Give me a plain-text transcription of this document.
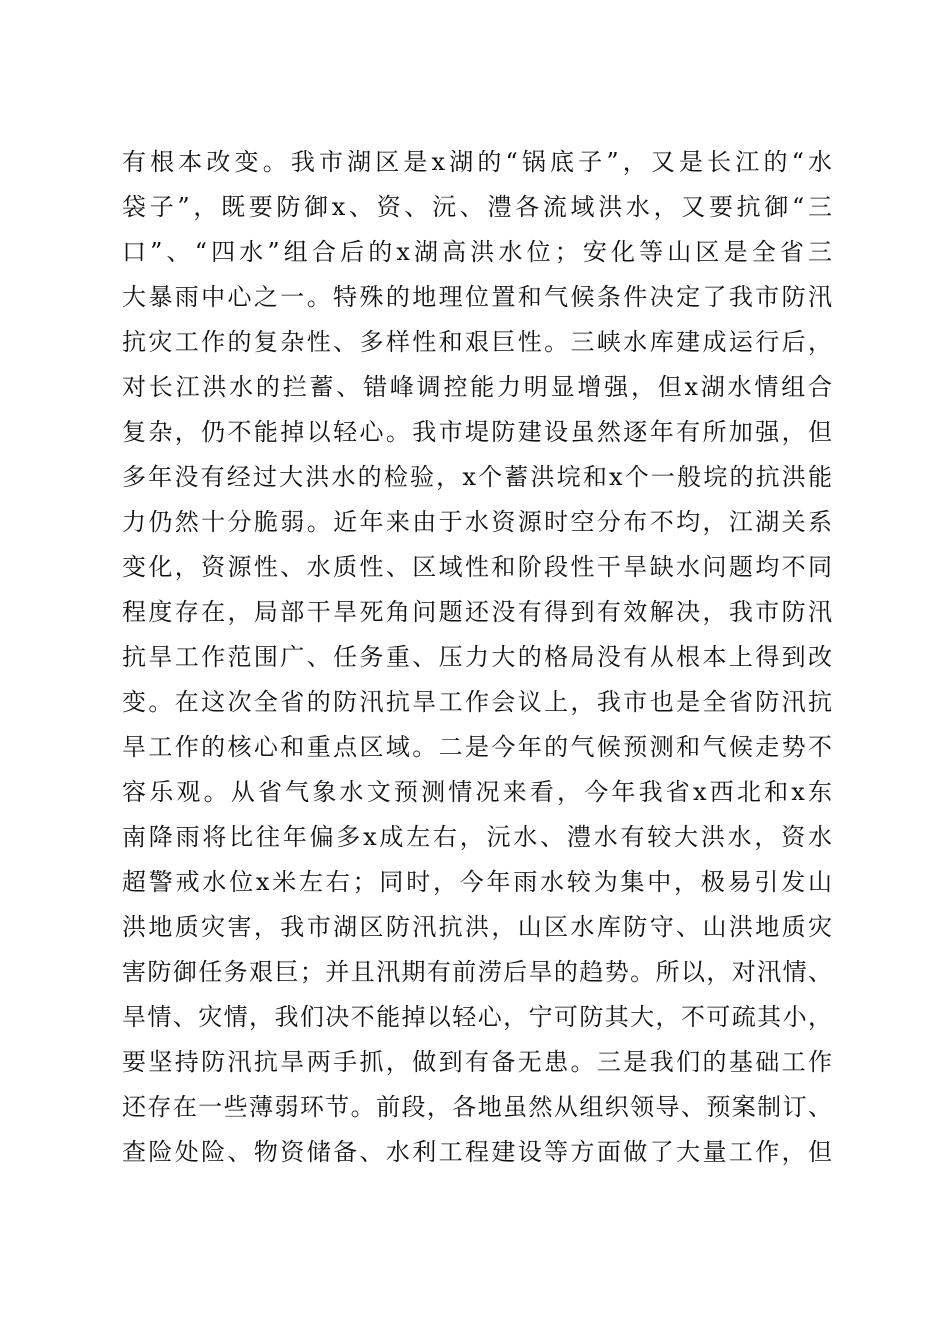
有根本改变。我市湖区是x湖的“锅底子”，又是长江的“水
袋子”，既要防御x、资、沅、澧各流域洪水，又要抗御“三
口”、“四水”组合后的x湖高洪水位；安化等山区是全省三
大暴雨中心之一。特殊的地理位置和气候条件决定了我市防汛
抗灾工作的复杂性、多样性和艰巨性。三峡水库建成运行后，
对长江洪水的拦蓄、错峰调控能力明显增强，但x湖水情组合
复杂，仍不能掉以轻心。我市堤防建设虽然逐年有所加强，但
多年没有经过大洪水的检验，x个蓄洪垸和x个一般垸的抗洪能
力仍然十分脆弱。近年来由于水资源时空分布不均，江湖关系
变化，资源性、水质性、区域性和阶段性干旱缺水问题均不同
程度存在，局部干旱死角问题还没有得到有效解决，我市防汛
抗旱工作范围广、任务重、压力大的格局没有从根本上得到改
变。在这次全省的防汛抗旱工作会议上，我市也是全省防汛抗
旱工作的核心和重点区域。二是今年的气候预测和气候走势不
容乐观。从省气象水文预测情况来看，今年我省x西北和x东
南降雨将比往年偏多x成左右，沅水、澧水有较大洪水，资水
超警戒水位x米左右；同时，今年雨水较为集中，极易引发山
洪地质灾害，我市湖区防汛抗洪，山区水库防守、山洪地质灾
害防御任务艰巨；并且汛期有前涝后旱的趋势。所以，对汛情、
旱情、灾情，我们决不能掉以轻心，宁可防其大，不可疏其小，
要坚持防汛抗旱两手抓，做到有备无患。三是我们的基础工作
还存在一些薄弱环节。前段，各地虽然从组织领导、预案制订、
查险处险、物资储备、水利工程建设等方面做了大量工作，但
